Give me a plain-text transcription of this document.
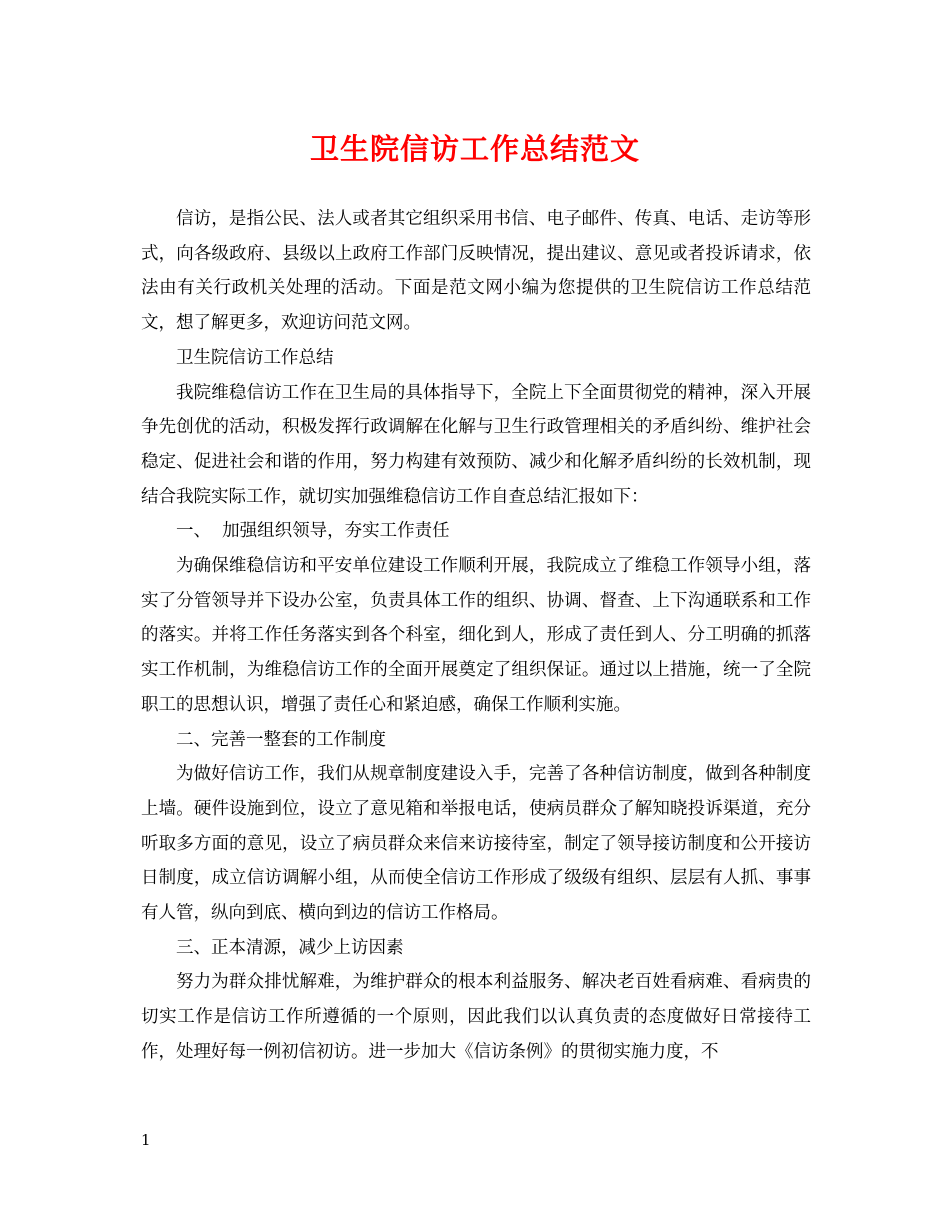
卫生院信访工作总结范文

信访，是指公民、法人或者其它组织采用书信、电子邮件、传真、电话、走访等形式，向各级政府、县级以上政府工作部门反映情况，提出建议、意见或者投诉请求，依法由有关行政机关处理的活动。下面是范文网小编为您提供的卫生院信访工作总结范文，想了解更多，欢迎访问范文网。

卫生院信访工作总结

我院维稳信访工作在卫生局的具体指导下，全院上下全面贯彻党的精神，深入开展争先创优的活动，积极发挥行政调解在化解与卫生行政管理相关的矛盾纠纷、维护社会稳定、促进社会和谐的作用，努力构建有效预防、减少和化解矛盾纠纷的长效机制，现结合我院实际工作，就切实加强维稳信访工作自查总结汇报如下：

一、  加强组织领导，夯实工作责任

为确保维稳信访和平安单位建设工作顺利开展，我院成立了维稳工作领导小组，落实了分管领导并下设办公室，负责具体工作的组织、协调、督查、上下沟通联系和工作的落实。并将工作任务落实到各个科室，细化到人，形成了责任到人、分工明确的抓落实工作机制，为维稳信访工作的全面开展奠定了组织保证。通过以上措施，统一了全院职工的思想认识，增强了责任心和紧迫感，确保工作顺利实施。

二、完善一整套的工作制度

为做好信访工作，我们从规章制度建设入手，完善了各种信访制度，做到各种制度上墙。硬件设施到位，设立了意见箱和举报电话，使病员群众了解知晓投诉渠道，充分听取多方面的意见，设立了病员群众来信来访接待室，制定了领导接访制度和公开接访日制度，成立信访调解小组，从而使全信访工作形成了级级有组织、层层有人抓、事事有人管，纵向到底、横向到边的信访工作格局。

三、正本清源，减少上访因素

努力为群众排忧解难，为维护群众的根本利益服务、解决老百姓看病难、看病贵的切实工作是信访工作所遵循的一个原则，因此我们以认真负责的态度做好日常接待工作，处理好每一例初信初访。进一步加大《信访条例》的贯彻实施力度，不

1
